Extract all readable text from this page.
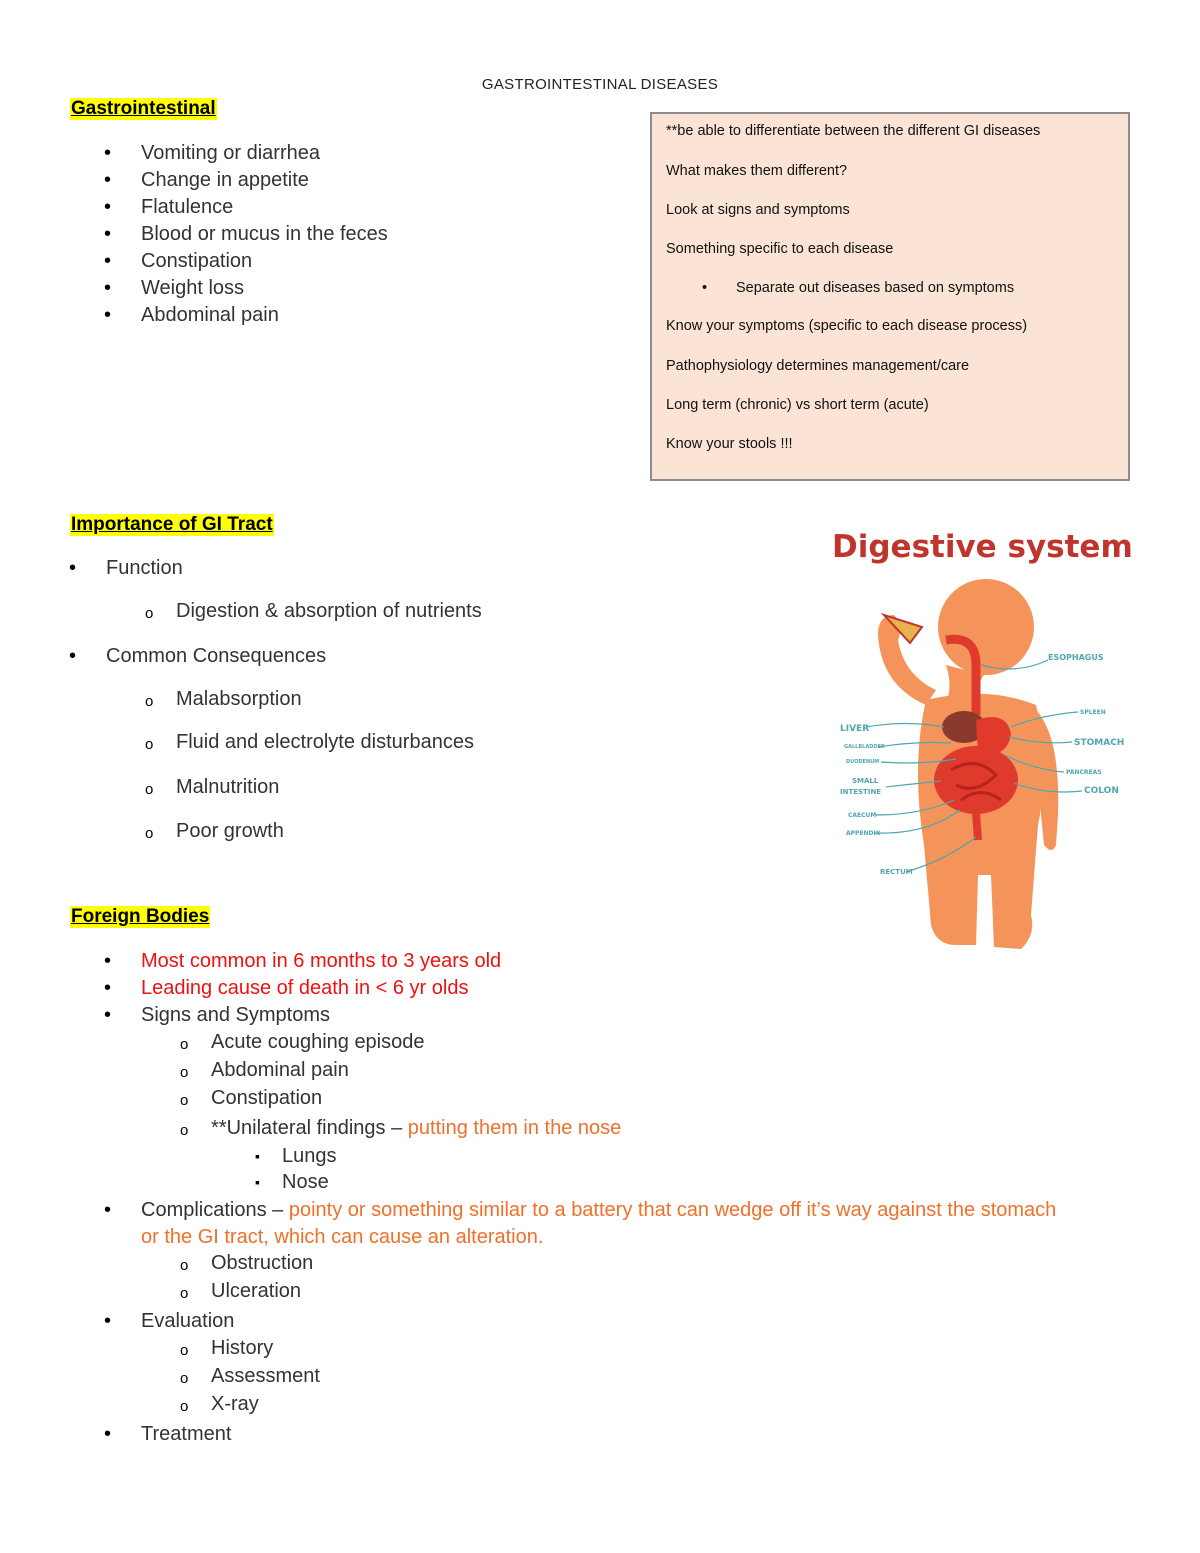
GASTROINTESTINAL DISEASES
Gastrointestinal
• Vomiting or diarrhea
• Change in appetite
• Flatulence
• Blood or mucus in the feces
• Constipation
• Weight loss
• Abdominal pain
**be able to differentiate between the different GI diseases
What makes them different?
Look at signs and symptoms
Something specific to each disease
• Separate out diseases based on symptoms
Know your symptoms (specific to each disease process)
Pathophysiology determines management/care
Long term (chronic) vs short term (acute)
Know your stools !!!
Importance of GI Tract
• Function
o Digestion & absorption of nutrients
• Common Consequences
o Malabsorption
o Fluid and electrolyte disturbances
o Malnutrition
o Poor growth
Digestive system
ESOPHAGUS
SPLEEN
STOMACH
PANCREAS
COLON
LIVER
GALLBLADDER
DUODENUM
SMALL
INTESTINE
CAECUM
APPENDIX
RECTUM
Foreign Bodies
• Most common in 6 months to 3 years old
• Leading cause of death in < 6 yr olds
• Signs and Symptoms
o Acute coughing episode
o Abdominal pain
o Constipation
o **Unilateral findings – putting them in the nose
▪ Lungs
▪ Nose
• Complications – pointy or something similar to a battery that can wedge off it’s way against the stomach
or the GI tract, which can cause an alteration.
o Obstruction
o Ulceration
• Evaluation
o History
o Assessment
o X-ray
• Treatment
